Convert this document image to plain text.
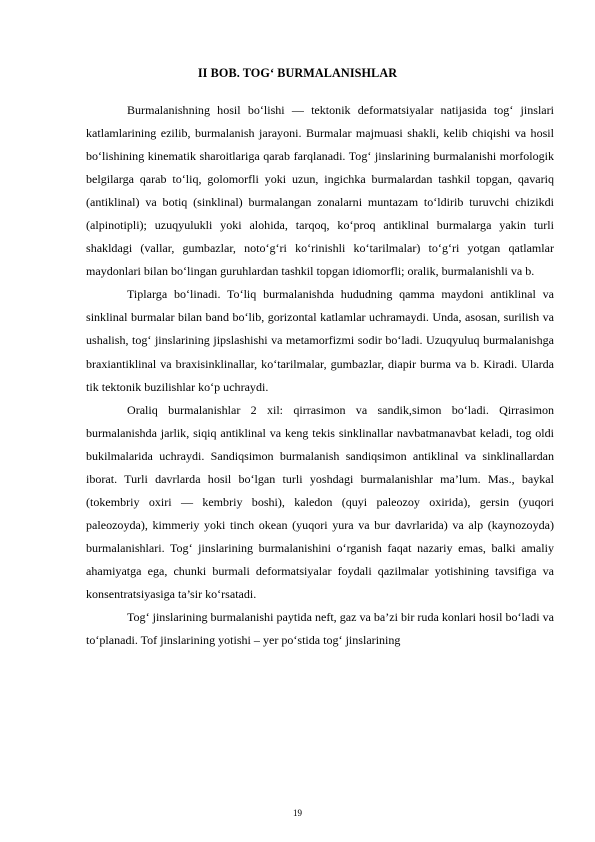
II BOB. TOG‘ BURMALANISHLAR

Burmalanishning hosil bo‘lishi — tektonik deformatsiyalar natijasida tog‘ jinslari katlamlarining ezilib, burmalanish jarayoni. Burmalar majmuasi shakli, kelib chiqishi va hosil bo‘lishining kinematik sharoitlariga qarab farqlanadi. Tog‘ jinslarining burmalanishi morfologik belgilarga qarab to‘liq, golomorfli yoki uzun, ingichka burmalardan tashkil topgan, qavariq (antiklinal) va botiq (sinklinal) burmalangan zonalarni muntazam to‘ldirib turuvchi chizikdi (alpinotipli); uzuqyulukli yoki alohida, tarqoq, ko‘proq antiklinal burmalarga yakin turli shakldagi (vallar, gumbazlar, noto‘g‘ri ko‘rinishli ko‘tarilmalar) to‘g‘ri yotgan qatlamlar maydonlari bilan bo‘lingan guruhlardan tashkil topgan idiomorfli; oralik, burmalanishli va b.

Tiplarga bo‘linadi. To‘liq burmalanishda hududning qamma maydoni antiklinal va sinklinal burmalar bilan band bo‘lib, gorizontal katlamlar uchramaydi. Unda, asosan, surilish va ushalish, tog‘ jinslarining jipslashishi va metamorfizmi sodir bo‘ladi. Uzuqyuluq burmalanishga braxiantiklinal va braxisinklinallar, ko‘tarilmalar, gumbazlar, diapir burma va b. Kiradi. Ularda tik tektonik buzilishlar ko‘p uchraydi.

Oraliq burmalanishlar 2 xil: qirrasimon va sandik,simon bo‘ladi. Qirrasimon burmalanishda jarlik, siqiq antiklinal va keng tekis sinklinallar navbatmanavbat keladi, tog oldi bukilmalarida uchraydi. Sandiqsimon burmalanish sandiqsimon antiklinal va sinklinallardan iborat. Turli davrlarda hosil bo‘lgan turli yoshdagi burmalanishlar ma’lum. Mas., baykal (tokembriy oxiri — kembriy boshi), kaledon (quyi paleozoy oxirida), gersin (yuqori paleozoyda), kimmeriy yoki tinch okean (yuqori yura va bur davrlarida) va alp (kaynozoyda) burmalanishlari. Tog‘ jinslarining burmalanishini o‘rganish faqat nazariy emas, balki amaliy ahamiyatga ega, chunki burmali deformatsiyalar foydali qazilmalar yotishining tavsifiga va konsentratsiyasiga ta’sir ko‘rsatadi.

Tog‘ jinslarining burmalanishi paytida neft, gaz va ba’zi bir ruda konlari hosil bo‘ladi va to‘planadi. Tof jinslarining yotishi – yer po‘stida tog‘ jinslarining

19
